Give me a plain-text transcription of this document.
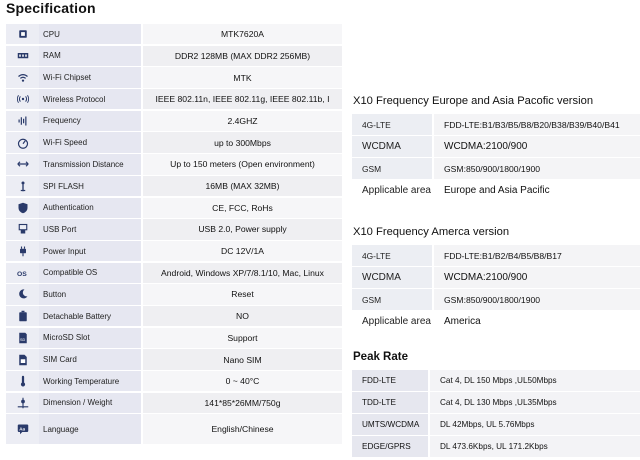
Specification
CPU	MTK7620A
RAM	DDR2 128MB (MAX DDR2 256MB)
Wi-Fi Chipset	MTK
Wireless Protocol	IEEE 802.11n, IEEE 802.11g, IEEE 802.11b, I
Frequency	2.4GHZ
Wi-Fi Speed	up to 300Mbps
Transmission Distance	Up to 150 meters (Open environment)
SPI FLASH	16MB (MAX 32MB)
Authentication	CE, FCC, RoHs
USB Port	USB 2.0, Power supply
Power Input	DC 12V/1A
OS	Compatible OS	Android, Windows XP/7/8.1/10, Mac, Linux
Button	Reset
Detachable Battery	NO
SD	MicroSD Slot	Support
SIM Card	Nano SIM
Working Temperature	0 ~ 40°C
Dimension / Weight	141*85*26MM/750g
Aa	Language	English/Chinese
X10 Frequency Europe and Asia Pacofic version
4G-LTE	FDD-LTE:B1/B3/B5/B8/B20/B38/B39/B40/B41
WCDMA	WCDMA:2100/900
GSM	GSM:850/900/1800/1900
Applicable area	Europe and Asia Pacific
X10 Frequency Amerca version
4G-LTE	FDD-LTE:B1/B2/B4/B5/B8/B17
WCDMA	WCDMA:2100/900
GSM	GSM:850/900/1800/1900
Applicable area	America
Peak Rate
FDD-LTE	Cat 4, DL 150 Mbps ,UL50Mbps
TDD-LTE	Cat 4, DL 130 Mbps ,UL35Mbps
UMTS/WCDMA	DL 42Mbps, UL 5.76Mbps
EDGE/GPRS	DL 473.6Kbps, UL 171.2Kbps
